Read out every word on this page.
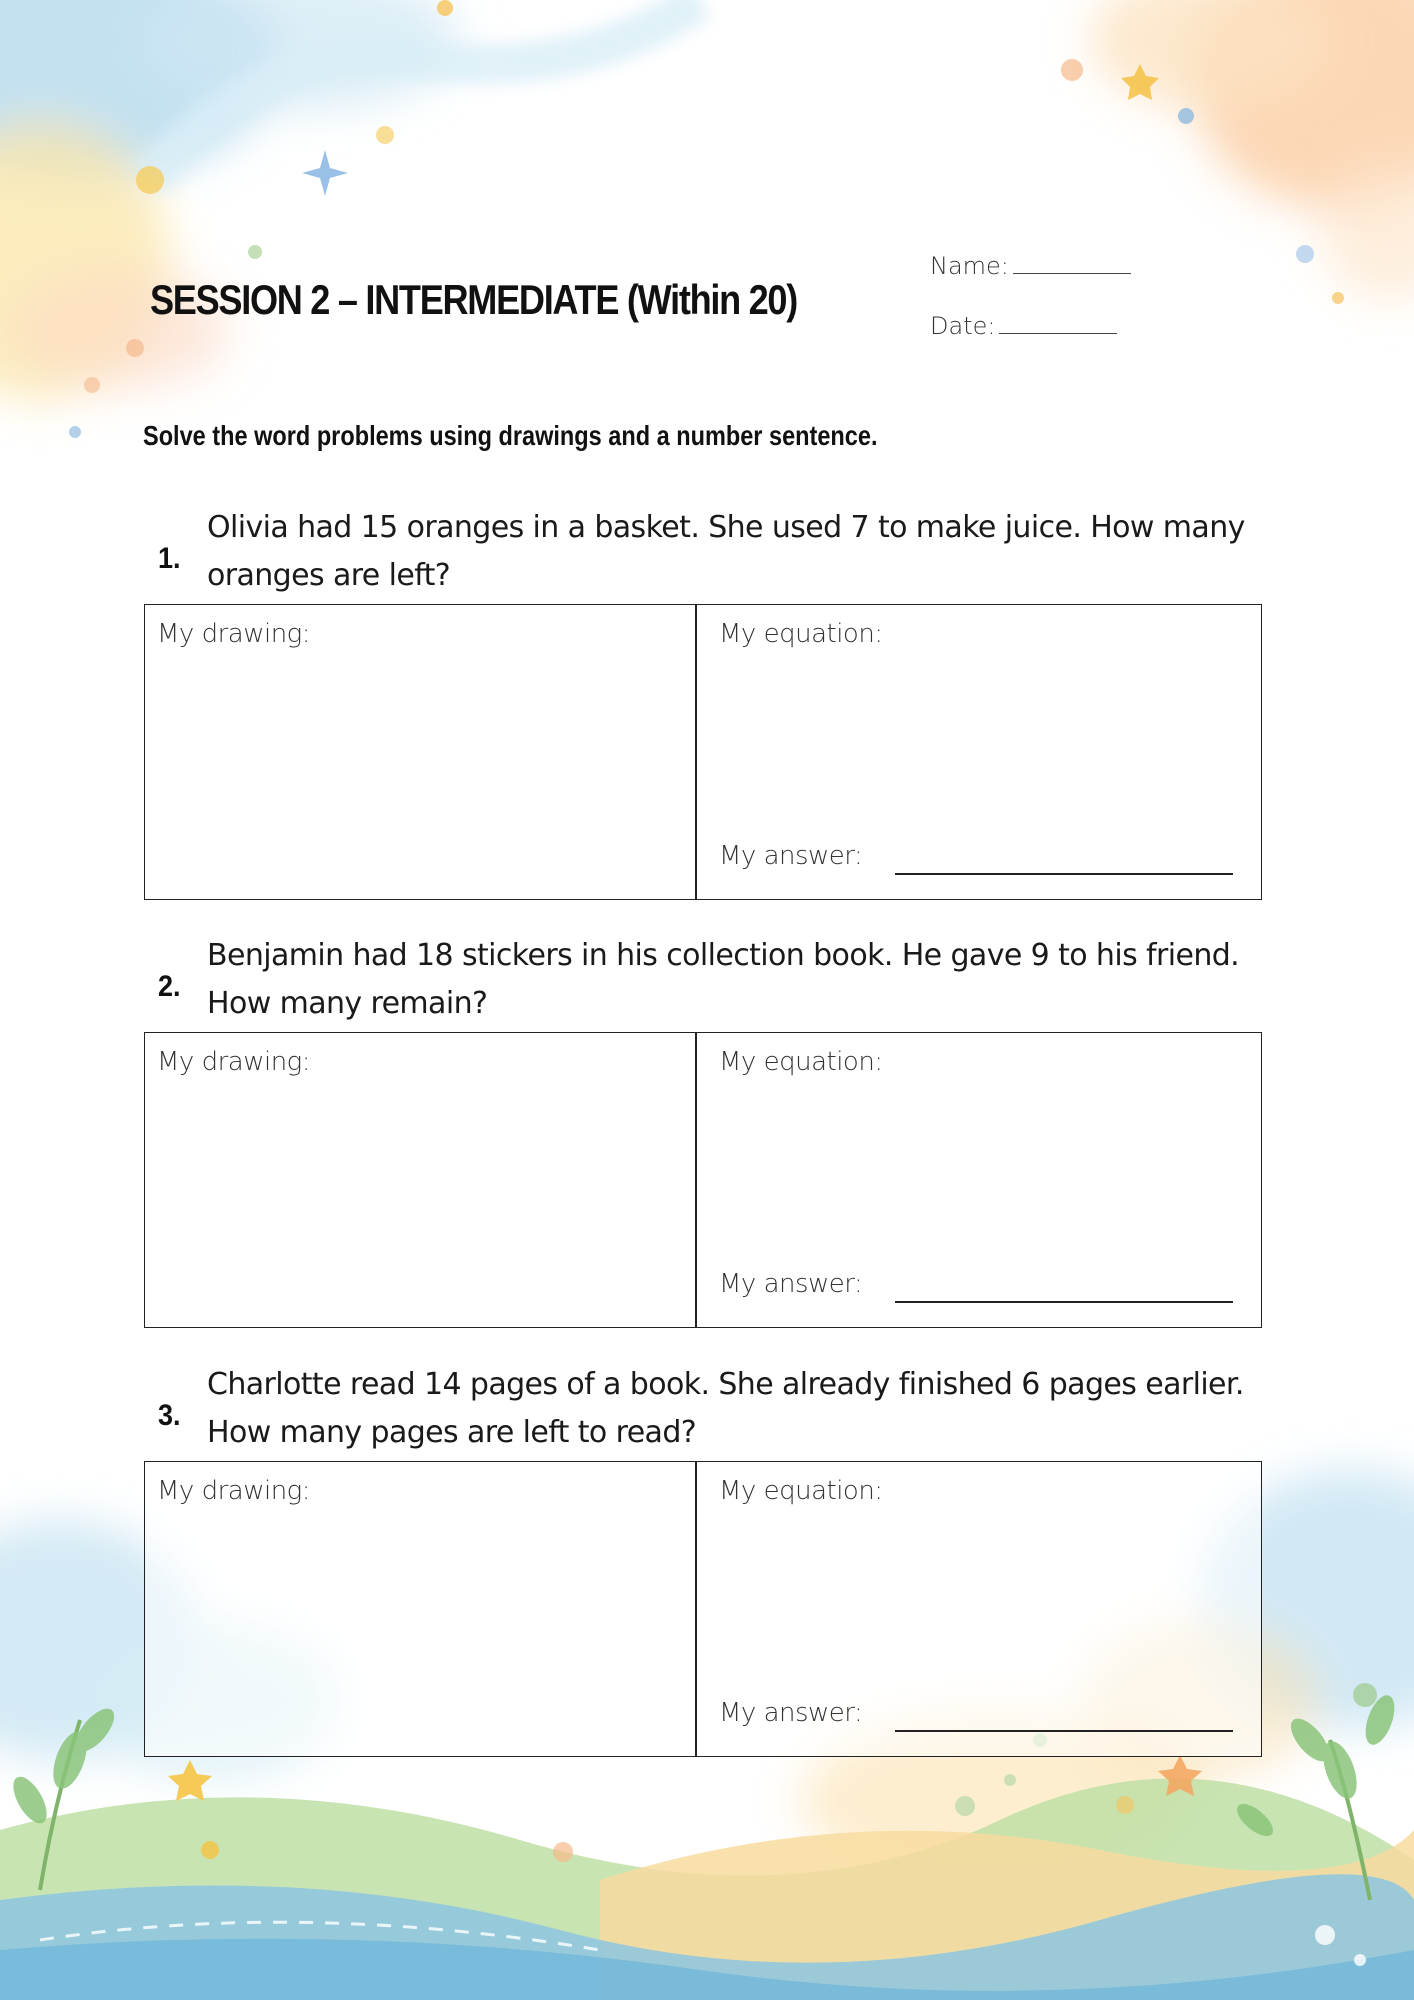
SESSION 2 – INTERMEDIATE (Within 20)
Name:
Date:

Solve the word problems using drawings and a number sentence.

1.

Olivia had 15 oranges in a basket. She used 7 to make juice. How many oranges are left?

My drawing:	My equation:
My answer:
2.

Benjamin had 18 stickers in his collection book. He gave 9 to his friend. How many remain?

My drawing:	My equation:
My answer:
3.

Charlotte read 14 pages of a book. She already finished 6 pages earlier. How many pages are left to read?

My drawing:	My equation:
My answer:
